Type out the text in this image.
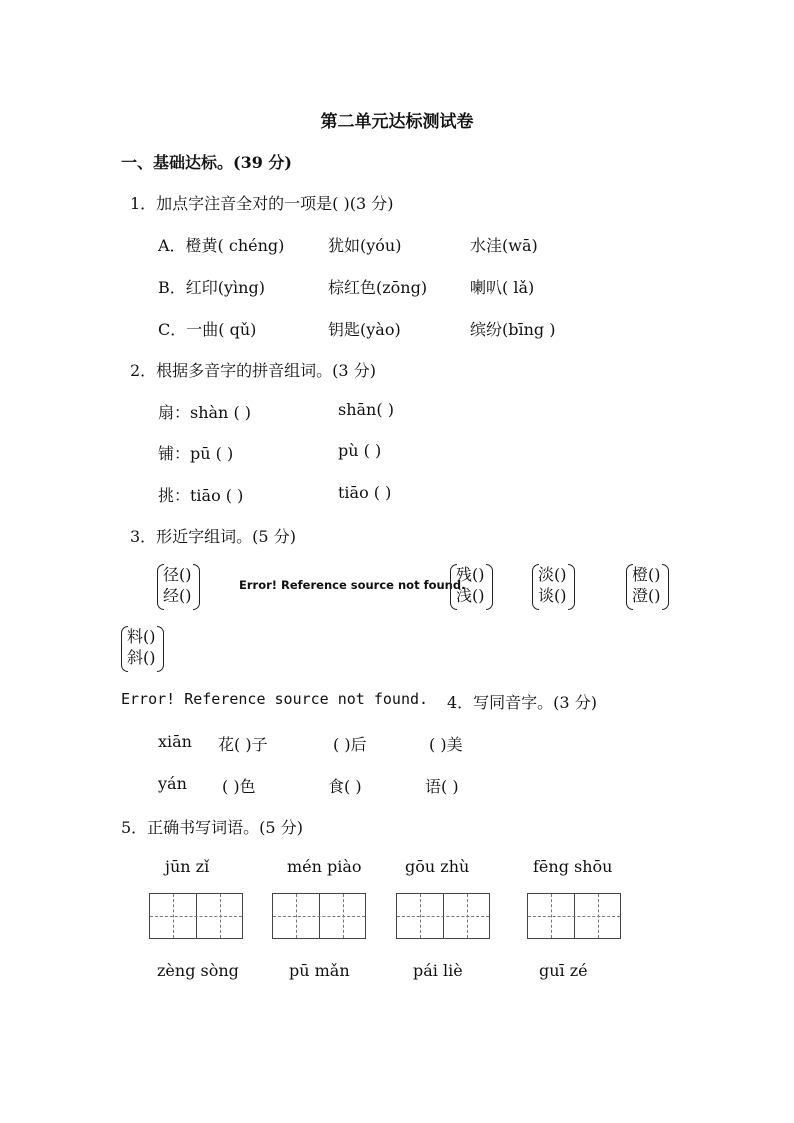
第二单元达标测试卷
一、基础达标。(39 分)
1．加点字注音全对的一项是( )(3 分)
A．橙黄( chéng)	犹如(yóu)	水洼(wā)
B．红印(yìng)	棕红色(zōng)	喇叭( lǎ)
C．一曲( qǔ)	钥匙(yào)	缤纷(bīng )
2．根据多音字的拼音组词。(3 分)
扇：shàn ( )	shān( )
铺：pū ( )	pù ( )
挑：tiāo ( )	tiāo ( )
3．形近字组词。(5 分)
径()
经()
Error! Reference source not found.
残()
浅()
淡()
谈()
橙()
澄()
料()
斜()
Error! Reference source not found. 4．写同音字。(3 分)
xiān 花( )子	( )后	( )美
yán ( )色	食( )	语( )
5．正确书写词语。(5 分)
jūn zǐ	mén piào	gōu zhù	fēng shōu
zèng sòng	pū mǎn	pái liè	guī zé
